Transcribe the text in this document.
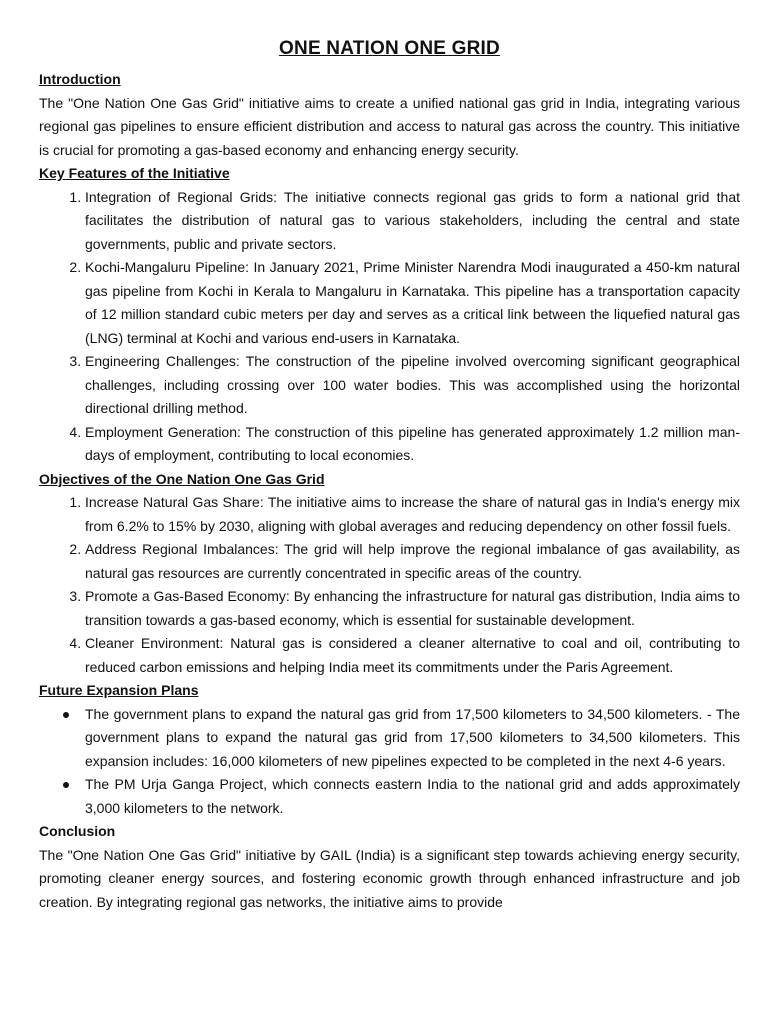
ONE NATION ONE GRID
Introduction

The "One Nation One Gas Grid" initiative aims to create a unified national gas grid in India, integrating various regional gas pipelines to ensure efficient distribution and access to natural gas across the country. This initiative is crucial for promoting a gas-based economy and enhancing energy security.

Key Features of the Initiative
1. Integration of Regional Grids: The initiative connects regional gas grids to form a national grid that facilitates the distribution of natural gas to various stakeholders, including the central and state governments, public and private sectors.
2. Kochi-Mangaluru Pipeline: In January 2021, Prime Minister Narendra Modi inaugurated a 450-km natural gas pipeline from Kochi in Kerala to Mangaluru in Karnataka. This pipeline has a transportation capacity of 12 million standard cubic meters per day and serves as a critical link between the liquefied natural gas (LNG) terminal at Kochi and various end-users in Karnataka.
3. Engineering Challenges: The construction of the pipeline involved overcoming significant geographical challenges, including crossing over 100 water bodies. This was accomplished using the horizontal directional drilling method.
4. Employment Generation: The construction of this pipeline has generated approximately 1.2 million man-days of employment, contributing to local economies.
Objectives of the One Nation One Gas Grid
1. Increase Natural Gas Share: The initiative aims to increase the share of natural gas in India's energy mix from 6.2% to 15% by 2030, aligning with global averages and reducing dependency on other fossil fuels.
2. Address Regional Imbalances: The grid will help improve the regional imbalance of gas availability, as natural gas resources are currently concentrated in specific areas of the country.
3. Promote a Gas-Based Economy: By enhancing the infrastructure for natural gas distribution, India aims to transition towards a gas-based economy, which is essential for sustainable development.
4. Cleaner Environment: Natural gas is considered a cleaner alternative to coal and oil, contributing to reduced carbon emissions and helping India meet its commitments under the Paris Agreement.
Future Expansion Plans
The government plans to expand the natural gas grid from 17,500 kilometers to 34,500 kilometers. - The government plans to expand the natural gas grid from 17,500 kilometers to 34,500 kilometers. This expansion includes: 16,000 kilometers of new pipelines expected to be completed in the next 4-6 years.
The PM Urja Ganga Project, which connects eastern India to the national grid and adds approximately 3,000 kilometers to the network.
Conclusion

The "One Nation One Gas Grid" initiative by GAIL (India) is a significant step towards achieving energy security, promoting cleaner energy sources, and fostering economic growth through enhanced infrastructure and job creation. By integrating regional gas networks, the initiative aims to provide
